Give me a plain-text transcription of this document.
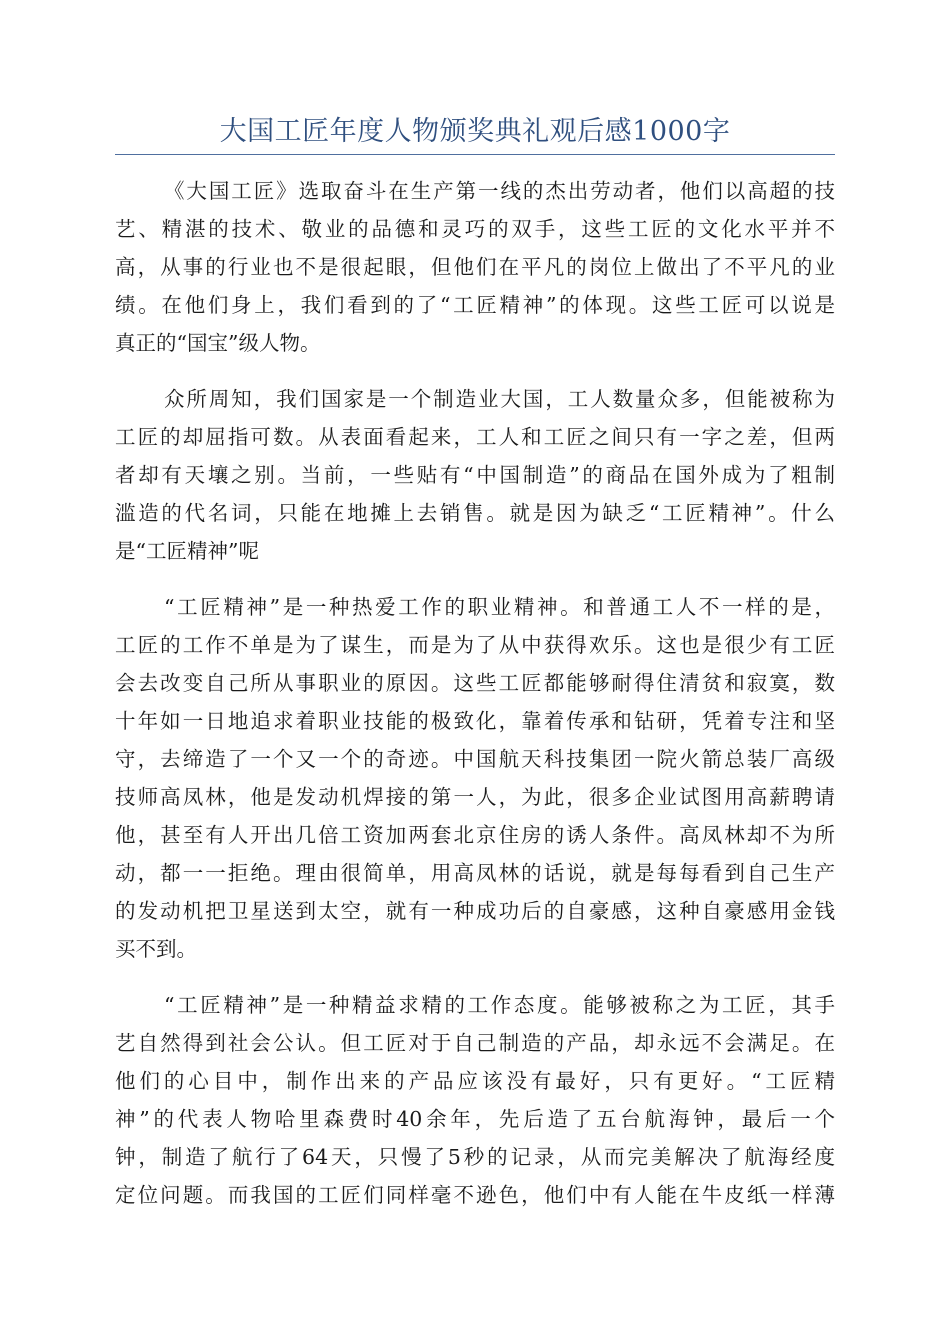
大国工匠年度人物颁奖典礼观后感1000字
《大国工匠》选取奋斗在生产第一线的杰出劳动者，他们以高超的技
艺、精湛的技术、敬业的品德和灵巧的双手，这些工匠的文化水平并不
高，从事的行业也不是很起眼，但他们在平凡的岗位上做出了不平凡的业
绩。在他们身上，我们看到的了“工匠精神”的体现。这些工匠可以说是
真正的“国宝”级人物。
众所周知，我们国家是一个制造业大国，工人数量众多，但能被称为
工匠的却屈指可数。从表面看起来，工人和工匠之间只有一字之差，但两
者却有天壤之别。当前，一些贴有“中国制造”的商品在国外成为了粗制
滥造的代名词，只能在地摊上去销售。就是因为缺乏“工匠精神”。什么
是“工匠精神”呢
“工匠精神”是一种热爱工作的职业精神。和普通工人不一样的是，
工匠的工作不单是为了谋生，而是为了从中获得欢乐。这也是很少有工匠
会去改变自己所从事职业的原因。这些工匠都能够耐得住清贫和寂寞，数
十年如一日地追求着职业技能的极致化，靠着传承和钻研，凭着专注和坚
守，去缔造了一个又一个的奇迹。中国航天科技集团一院火箭总装厂高级
技师高凤林，他是发动机焊接的第一人，为此，很多企业试图用高薪聘请
他，甚至有人开出几倍工资加两套北京住房的诱人条件。高凤林却不为所
动，都一一拒绝。理由很简单，用高凤林的话说，就是每每看到自己生产
的发动机把卫星送到太空，就有一种成功后的自豪感，这种自豪感用金钱
买不到。
“工匠精神”是一种精益求精的工作态度。能够被称之为工匠，其手
艺自然得到社会公认。但工匠对于自己制造的产品，却永远不会满足。在
他们的心目中，制作出来的产品应该没有最好，只有更好。“工匠精
神”的代表人物哈里森费时40余年，先后造了五台航海钟，最后一个
钟，制造了航行了64天，只慢了5秒的记录，从而完美解决了航海经度
定位问题。而我国的工匠们同样毫不逊色，他们中有人能在牛皮纸一样薄
